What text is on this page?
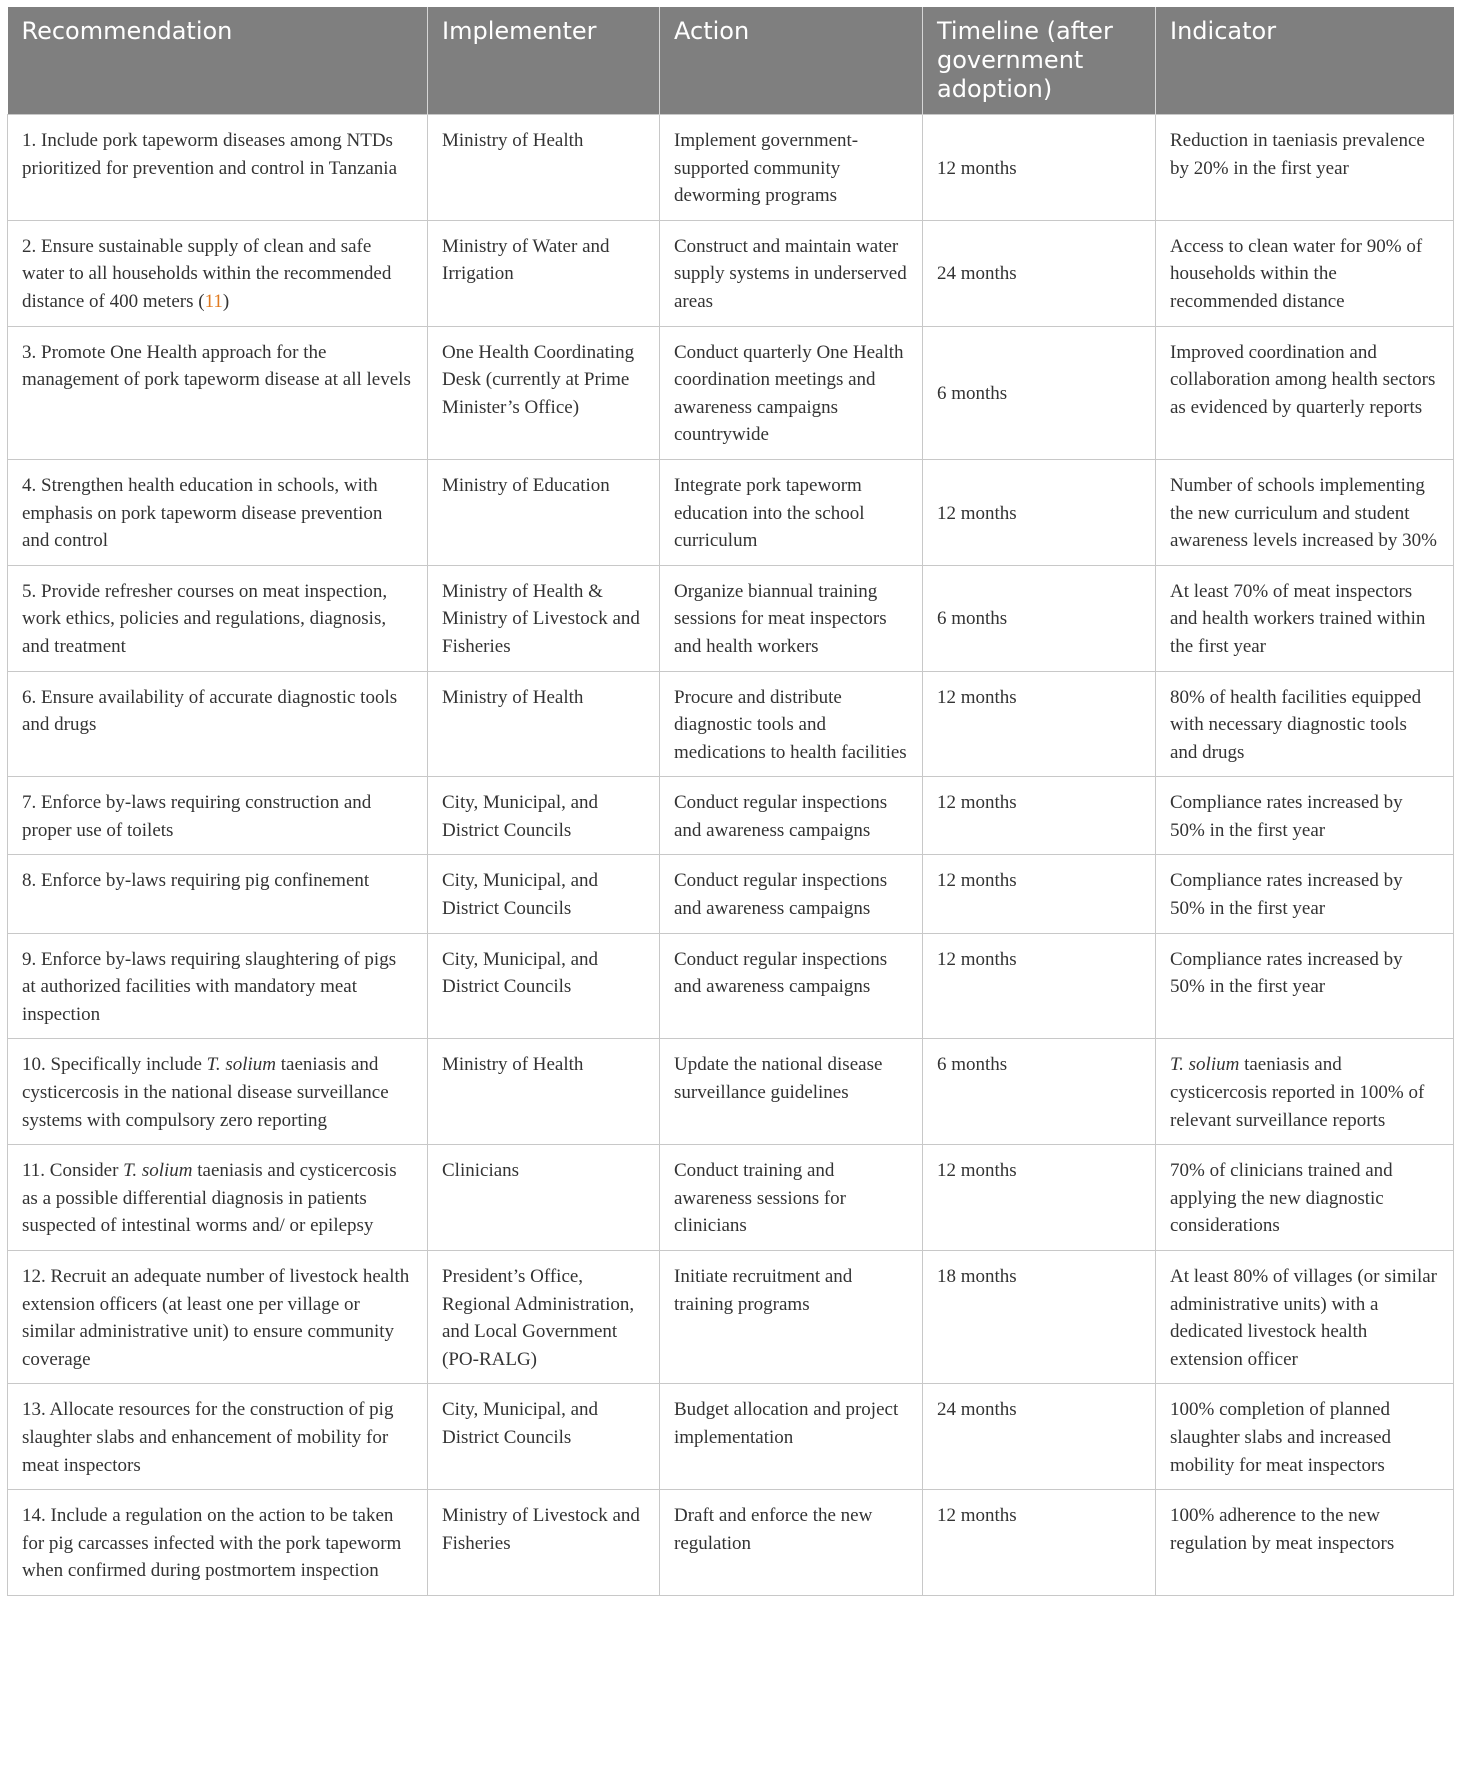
Recommendation	Implementer	Action	Timeline (after government adoption)	Indicator
1. Include pork tapeworm diseases among NTDs prioritized for prevention and control in Tanzania	Ministry of Health	Implement government-supported community deworming programs	12 months	Reduction in taeniasis prevalence by 20% in the first year
2. Ensure sustainable supply of clean and safe water to all households within the recommended distance of 400 meters (11)	Ministry of Water and Irrigation	Construct and maintain water supply systems in underserved areas	24 months	Access to clean water for 90% of households within the recommended distance
3. Promote One Health approach for the management of pork tapeworm disease at all levels	One Health Coordinating Desk (currently at Prime Minister’s Office)	Conduct quarterly One Health coordination meetings and awareness campaigns countrywide	6 months	Improved coordination and collaboration among health sectors as evidenced by quarterly reports
4. Strengthen health education in schools, with emphasis on pork tapeworm disease prevention and control	Ministry of Education	Integrate pork tapeworm education into the school curriculum	12 months	Number of schools implementing the new curriculum and student awareness levels increased by 30%
5. Provide refresher courses on meat inspection, work ethics, policies and regulations, diagnosis, and treatment	Ministry of Health & Ministry of Livestock and Fisheries	Organize biannual training sessions for meat inspectors and health workers	6 months	At least 70% of meat inspectors and health workers trained within the first year
6. Ensure availability of accurate diagnostic tools and drugs	Ministry of Health	Procure and distribute diagnostic tools and medications to health facilities	12 months	80% of health facilities equipped with necessary diagnostic tools and drugs
7. Enforce by-laws requiring construction and proper use of toilets	City, Municipal, and District Councils	Conduct regular inspections and awareness campaigns	12 months	Compliance rates increased by 50% in the first year
8. Enforce by-laws requiring pig confinement	City, Municipal, and District Councils	Conduct regular inspections and awareness campaigns	12 months	Compliance rates increased by 50% in the first year
9. Enforce by-laws requiring slaughtering of pigs at authorized facilities with mandatory meat inspection	City, Municipal, and District Councils	Conduct regular inspections and awareness campaigns	12 months	Compliance rates increased by 50% in the first year
10. Specifically include T. solium taeniasis and cysticercosis in the national disease surveillance systems with compulsory zero reporting	Ministry of Health	Update the national disease surveillance guidelines	6 months	T. solium taeniasis and cysticercosis reported in 100% of relevant surveillance reports
11. Consider T. solium taeniasis and cysticercosis as a possible differential diagnosis in patients suspected of intestinal worms and/ or epilepsy	Clinicians	Conduct training and awareness sessions for clinicians	12 months	70% of clinicians trained and applying the new diagnostic considerations
12. Recruit an adequate number of livestock health extension officers (at least one per village or similar administrative unit) to ensure community coverage	President’s Office, Regional Administration, and Local Government (PO-RALG)	Initiate recruitment and training programs	18 months	At least 80% of villages (or similar administrative units) with a dedicated livestock health extension officer
13. Allocate resources for the construction of pig slaughter slabs and enhancement of mobility for meat inspectors	City, Municipal, and District Councils	Budget allocation and project implementation	24 months	100% completion of planned slaughter slabs and increased mobility for meat inspectors
14. Include a regulation on the action to be taken for pig carcasses infected with the pork tapeworm when confirmed during postmortem inspection	Ministry of Livestock and Fisheries	Draft and enforce the new regulation	12 months	100% adherence to the new regulation by meat inspectors
